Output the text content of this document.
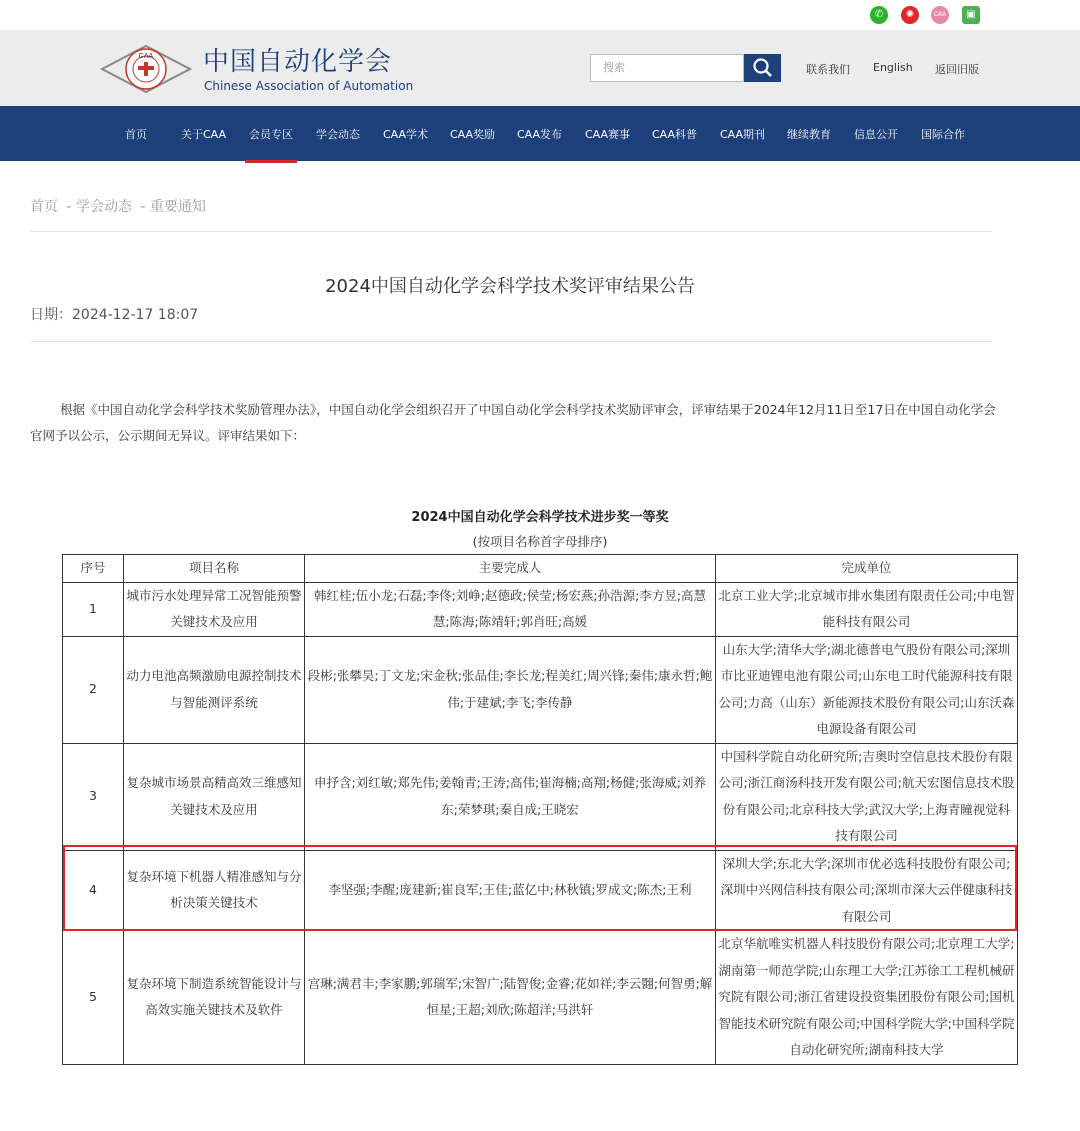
✆	✺	CAA	▣
CAA 中国自动化学会
Chinese Association of Automation
搜索	联系我们 English 返回旧版
首页	关于CAA 会员专区 学会动态 CAA学术 CAA奖励 CAA发布 CAA赛事 CAA科普 CAA期刊 继续教育 信息公开 国际合作
首页 - 学会动态 - 重要通知
2024中国自动化学会科学技术奖评审结果公告
日期：2024-12-17 18:07
根据《中国自动化学会科学技术奖励管理办法》，中国自动化学会组织召开了中国自动化学会科学技术奖励评审会，评审结果于2024年12月11日至17日在中国自动化学会官网予以公示，公示期间无异议。评审结果如下：
2024中国自动化学会科学技术进步奖一等奖
(按项目名称首字母排序)
序号	项目名称	主要完成人	完成单位
1	城市污水处理异常工况智能预警关键技术及应用	韩红桂;伍小龙;石磊;李佟;刘峥;赵德政;侯莹;杨宏燕;孙浩源;李方昱;高慧慧;陈海;陈靖轩;郭肖旺;高媛	北京工业大学;北京城市排水集团有限责任公司;中电智能科技有限公司
2	动力电池高频激励电源控制技术与智能测评系统	段彬;张攀昊;丁文龙;宋金秋;张品佳;李长龙;程美红;周兴锋;秦伟;康永哲;鲍伟;于建斌;李飞;李传静	山东大学;清华大学;湖北德普电气股份有限公司;深圳市比亚迪锂电池有限公司;山东电工时代能源科技有限公司;力高（山东）新能源技术股份有限公司;山东沃森电源设备有限公司
3	复杂城市场景高精高效三维感知关键技术及应用	申抒含;刘红敏;郑先伟;姜翰青;王涛;高伟;崔海楠;高翔;杨健;张海威;刘养东;荣梦琪;秦自成;王晓宏	中国科学院自动化研究所;吉奥时空信息技术股份有限公司;浙江商汤科技开发有限公司;航天宏图信息技术股份有限公司;北京科技大学;武汉大学;上海青瞳视觉科技有限公司
4	复杂环境下机器人精准感知与分析决策关键技术	李坚强;李醒;庞建新;崔良军;王佳;蓝亿中;林秋镇;罗成文;陈杰;王利	深圳大学;东北大学;深圳市优必选科技股份有限公司;深圳中兴网信科技有限公司;深圳市深大云伴健康科技有限公司
5	复杂环境下制造系统智能设计与高效实施关键技术及软件	宫琳;满君丰;李家鹏;郭瑞军;宋智广;陆智俊;金睿;花如祥;李云翾;何智勇;解恒星;王超;刘欣;陈超洋;马洪轩	北京华航唯实机器人科技股份有限公司;北京理工大学;湖南第一师范学院;山东理工大学;江苏徐工工程机械研究院有限公司;浙江省建设投资集团股份有限公司;国机智能技术研究院有限公司;中国科学院大学;中国科学院自动化研究所;湖南科技大学
